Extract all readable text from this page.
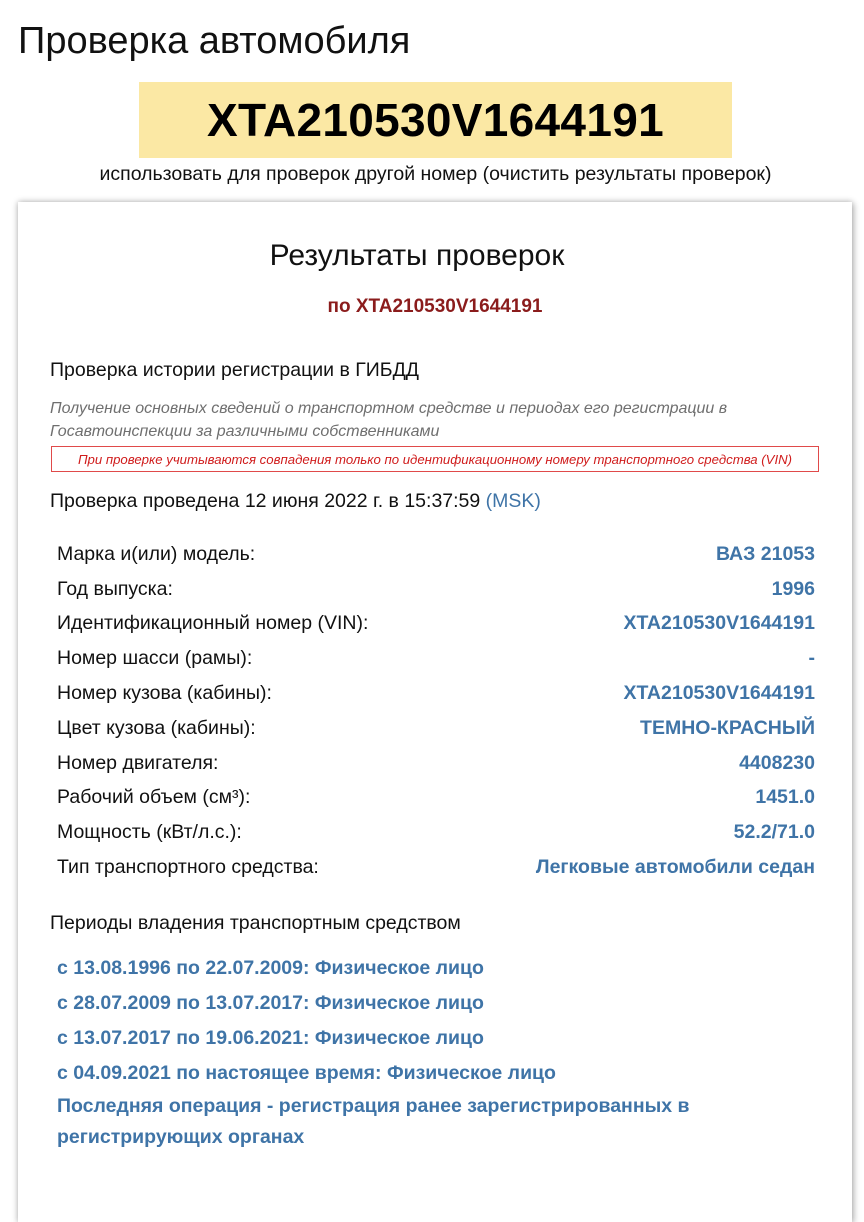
Проверка автомобиля
XTA210530V1644191
использовать для проверок другой номер (очистить результаты проверок)
Результаты проверок
по XTA210530V1644191
Проверка истории регистрации в ГИБДД
Получение основных сведений о транспортном средстве и периодах его регистрации в Госавтоинспекции за различными собственниками
При проверке учитываются совпадения только по идентификационному номеру транспортного средства (VIN)
Проверка проведена 12 июня 2022 г. в 15:37:59 (MSK)
Марка и(или) модель:	ВАЗ 21053
Год выпуска:	1996
Идентификационный номер (VIN):	XTA210530V1644191
Номер шасси (рамы):	-
Номер кузова (кабины):	XTA210530V1644191
Цвет кузова (кабины):	ТЕМНО-КРАСНЫЙ
Номер двигателя:	4408230
Рабочий объем (см³):	1451.0
Мощность (кВт/л.с.):	52.2/71.0
Тип транспортного средства:	Легковые автомобили седан
Периоды владения транспортным средством
с 13.08.1996 по 22.07.2009: Физическое лицо
с 28.07.2009 по 13.07.2017: Физическое лицо
с 13.07.2017 по 19.06.2021: Физическое лицо
с 04.09.2021 по настоящее время: Физическое лицо
Последняя операция - регистрация ранее зарегистрированных в регистрирующих органах
